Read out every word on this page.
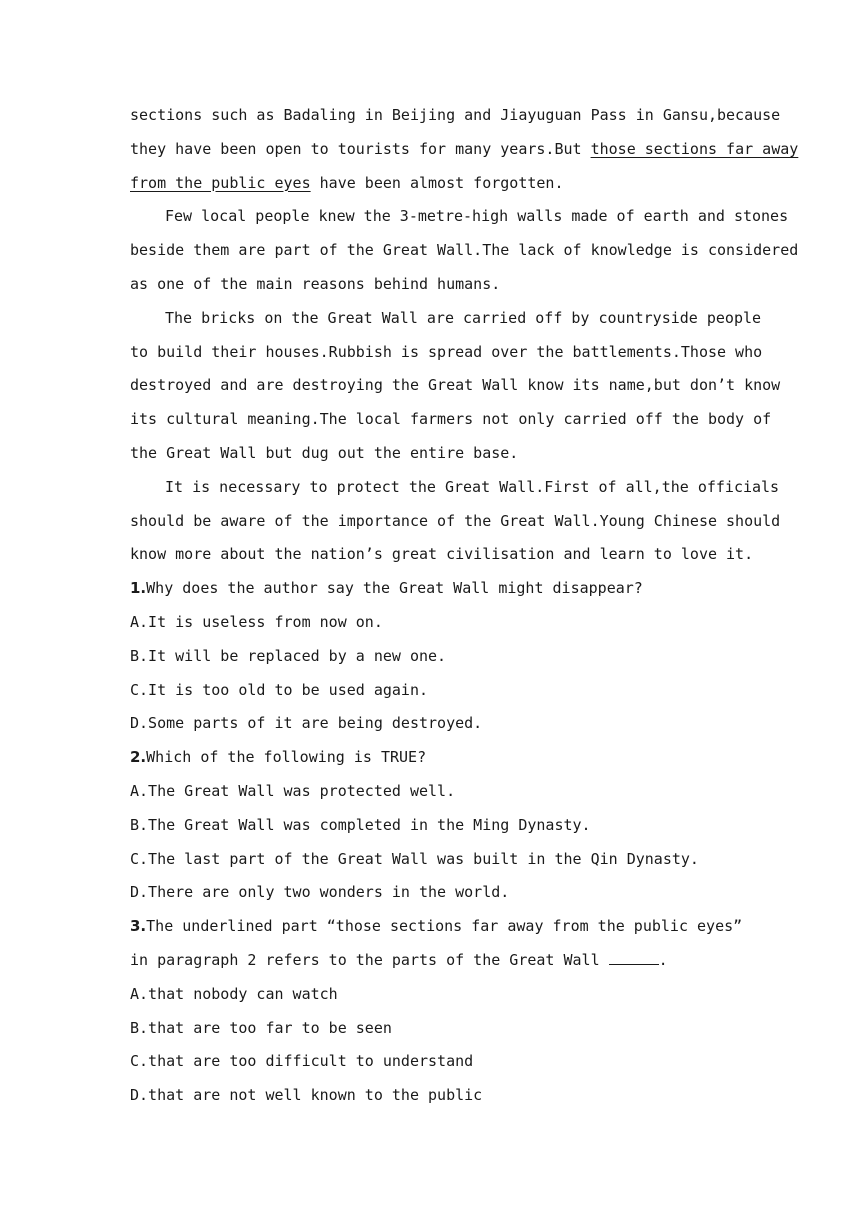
sections such as Badaling in Beijing and Jiayuguan Pass in Gansu,because
they have been open to tourists for many years.But those sections far away
from the public eyes have been almost forgotten.
Few local people knew the 3-metre-high walls made of earth and stones
beside them are part of the Great Wall.The lack of knowledge is considered
as one of the main reasons behind humans.
The bricks on the Great Wall are carried off by countryside people
to build their houses.Rubbish is spread over the battlements.Those who
destroyed and are destroying the Great Wall know its name,but don’t know
its cultural meaning.The local farmers not only carried off the body of
the Great Wall but dug out the entire base.
It is necessary to protect the Great Wall.First of all,the officials
should be aware of the importance of the Great Wall.Young Chinese should
know more about the nation’s great civilisation and learn to love it.
1.Why does the author say the Great Wall might disappear?
A.It is useless from now on.
B.It will be replaced by a new one.
C.It is too old to be used again.
D.Some parts of it are being destroyed.
2.Which of the following is TRUE?
A.The Great Wall was protected well.
B.The Great Wall was completed in the Ming Dynasty.
C.The last part of the Great Wall was built in the Qin Dynasty.
D.There are only two wonders in the world.
3.The underlined part “those sections far away from the public eyes”
in paragraph 2 refers to the parts of the Great Wall	.
A.that nobody can watch
B.that are too far to be seen
C.that are too difficult to understand
D.that are not well known to the public
